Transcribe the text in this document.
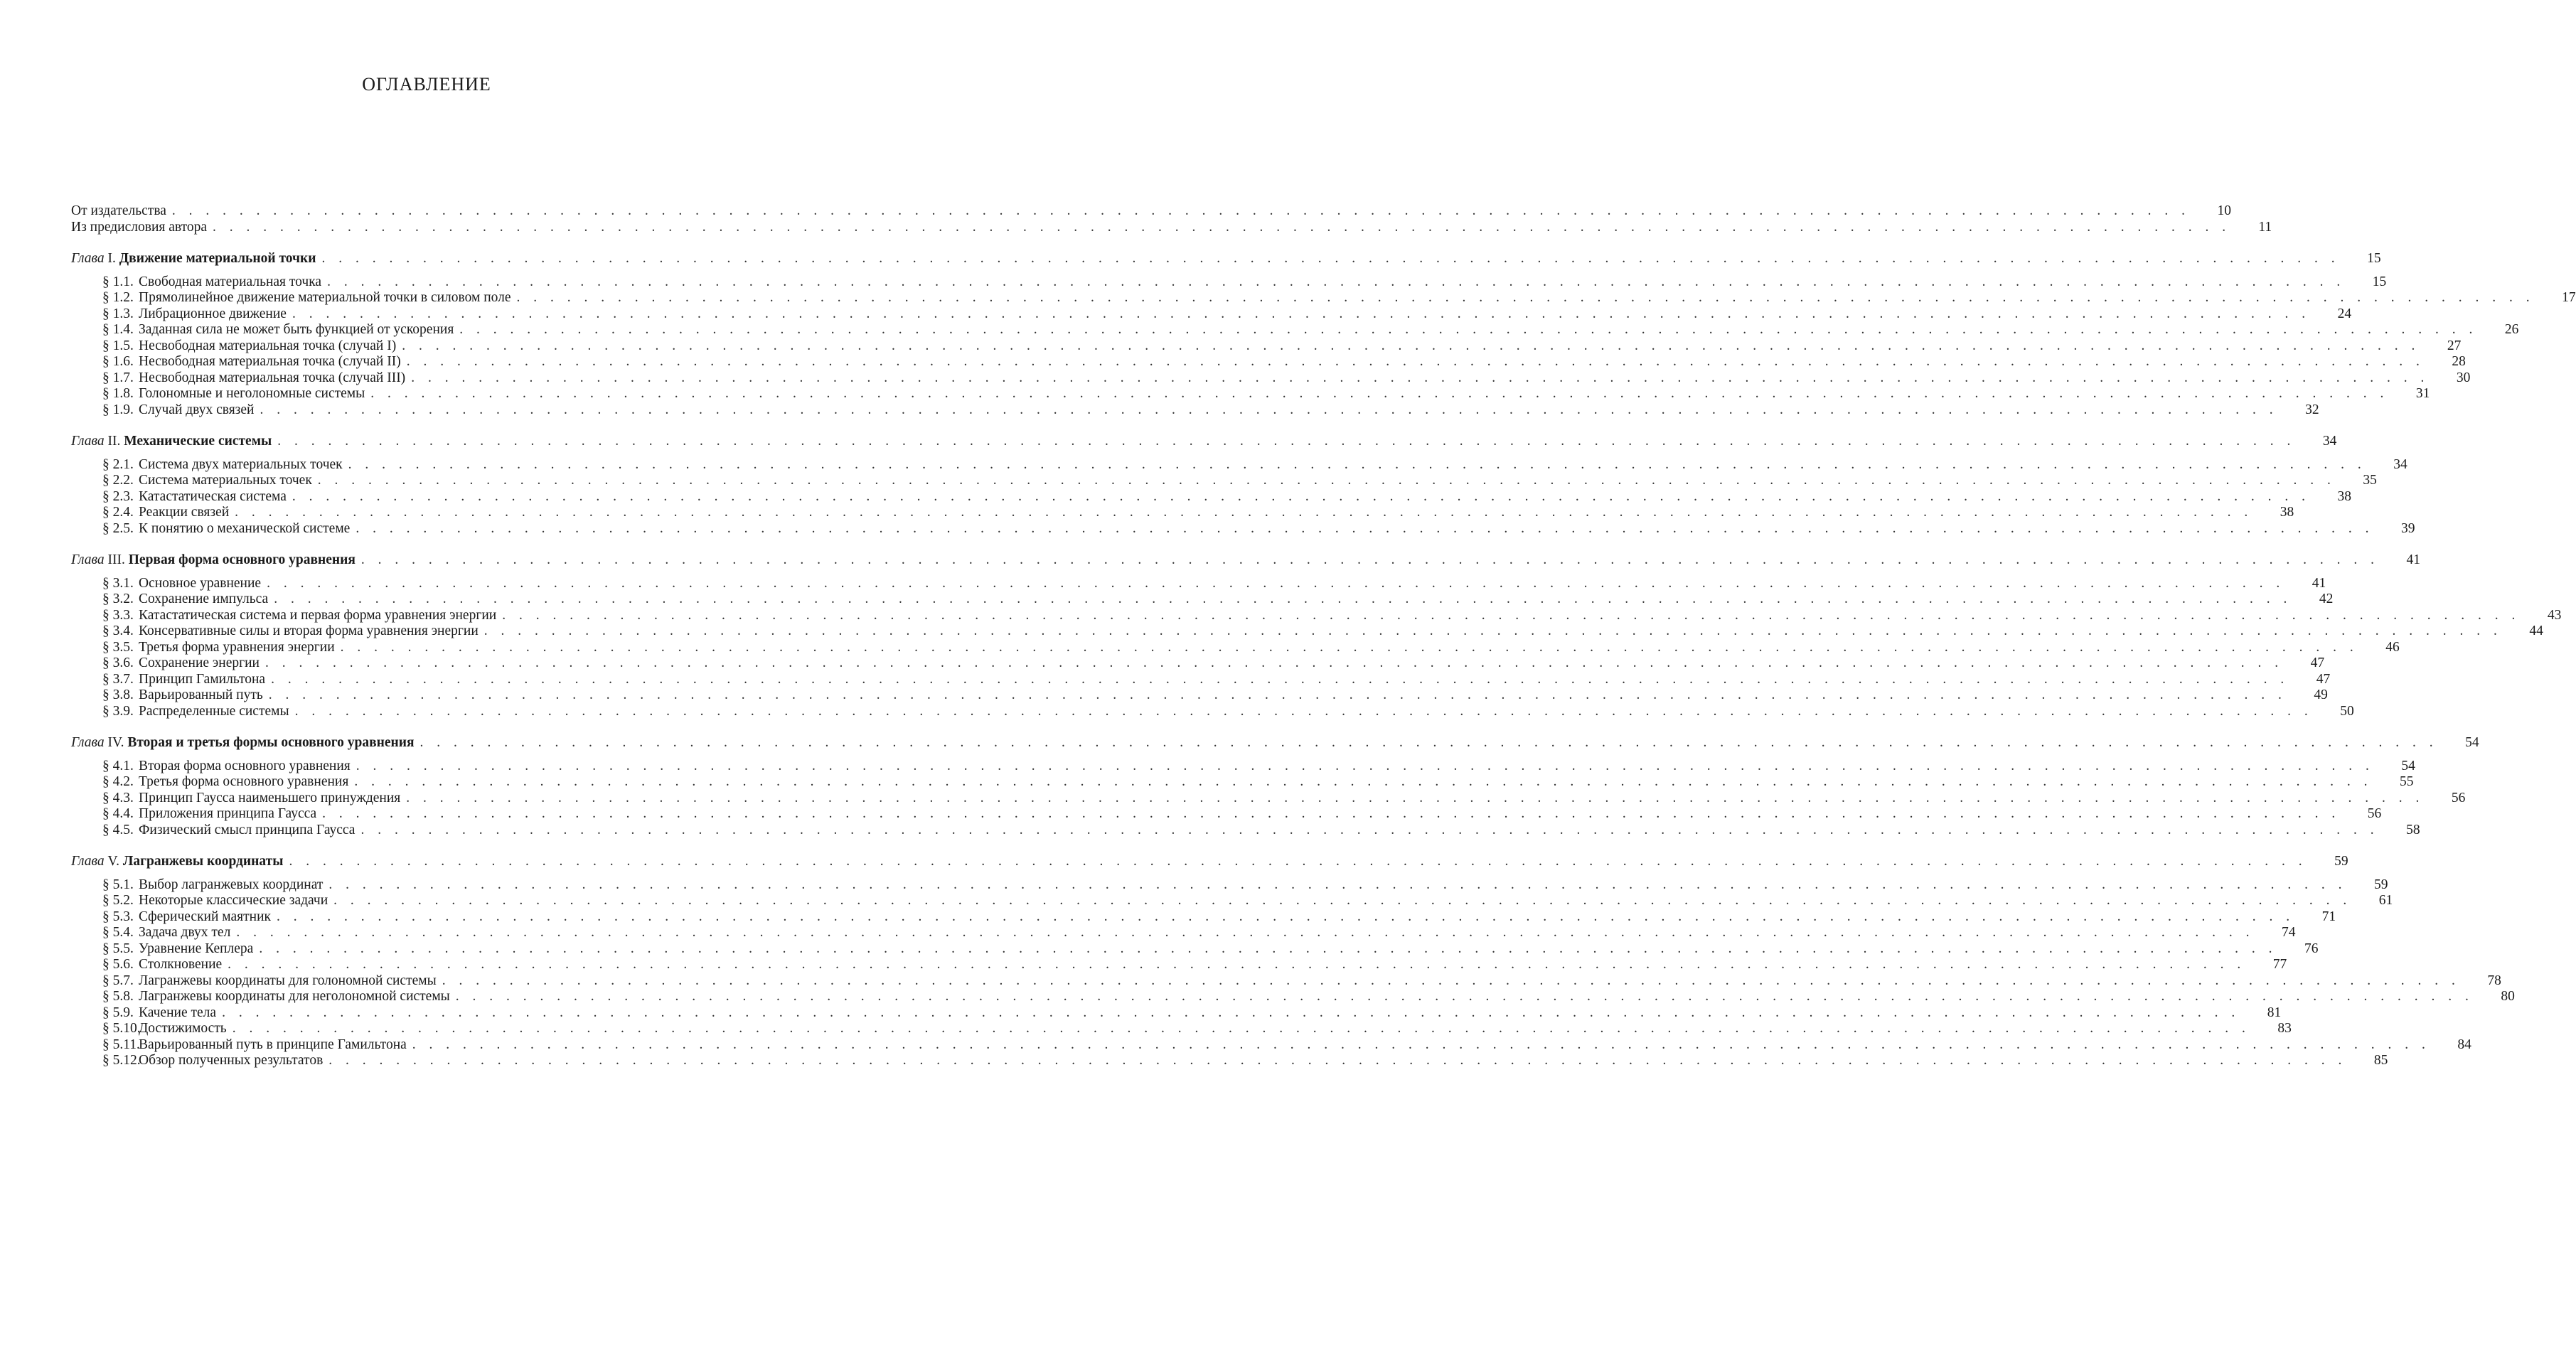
ОГЛАВЛЕНИЕ
От издательства . . . . . . . . . . . . . . . . . . . . . . . . . . . . . . . . . . . . . . . . . . . . . . . . . . . . . . . . . . . . . . . . . . . . . . . . . . . . . . . . . . . . . . . . . . . . . . . . . . . . . . . . . . . . . . . . . . . . . . . .	10
Из предисловия автора . . . . . . . . . . . . . . . . . . . . . . . . . . . . . . . . . . . . . . . . . . . . . . . . . . . . . . . . . . . . . . . . . . . . . . . . . . . . . . . . . . . . . . . . . . . . . . . . . . . . . . . . . . . . . . . . . . . . . . . .	11
Глава
I.
Движение материальной точки . . . . . . . . . . . . . . . . . . . . . . . . . . . . . . . . . . . . . . . . . . . . . . . . . . . . . . . . . . . . . . . . . . . . . . . . . . . . . . . . . . . . . . . . . . . . . . . . . . . . . . . . . . . . . . . . . . . . . . . .	15
§ 1.1. Свободная материальная точка . . . . . . . . . . . . . . . . . . . . . . . . . . . . . . . . . . . . . . . . . . . . . . . . . . . . . . . . . . . . . . . . . . . . . . . . . . . . . . . . . . . . . . . . . . . . . . . . . . . . . . . . . . . . . . . . . . . . . . . .	15
§ 1.2. Прямолинейное движение материальной точки в силовом поле . . . . . . . . . . . . . . . . . . . . . . . . . . . . . . . . . . . . . . . . . . . . . . . . . . . . . . . . . . . . . . . . . . . . . . . . . . . . . . . . . . . . . . . . . . . . . . . . . . . . . . . . . . . . . . . . . . . . . . . .	17
§ 1.3. Либрационное движение . . . . . . . . . . . . . . . . . . . . . . . . . . . . . . . . . . . . . . . . . . . . . . . . . . . . . . . . . . . . . . . . . . . . . . . . . . . . . . . . . . . . . . . . . . . . . . . . . . . . . . . . . . . . . . . . . . . . . . . .	24
§ 1.4. Заданная сила не может быть функцией от ускорения . . . . . . . . . . . . . . . . . . . . . . . . . . . . . . . . . . . . . . . . . . . . . . . . . . . . . . . . . . . . . . . . . . . . . . . . . . . . . . . . . . . . . . . . . . . . . . . . . . . . . . . . . . . . . . . . . . . . . . . .	26
§ 1.5. Несвободная материальная точка (случай I) . . . . . . . . . . . . . . . . . . . . . . . . . . . . . . . . . . . . . . . . . . . . . . . . . . . . . . . . . . . . . . . . . . . . . . . . . . . . . . . . . . . . . . . . . . . . . . . . . . . . . . . . . . . . . . . . . . . . . . . .	27
§ 1.6. Несвободная материальная точка (случай II) . . . . . . . . . . . . . . . . . . . . . . . . . . . . . . . . . . . . . . . . . . . . . . . . . . . . . . . . . . . . . . . . . . . . . . . . . . . . . . . . . . . . . . . . . . . . . . . . . . . . . . . . . . . . . . . . . . . . . . . .	28
§ 1.7. Несвободная материальная точка (случай III) . . . . . . . . . . . . . . . . . . . . . . . . . . . . . . . . . . . . . . . . . . . . . . . . . . . . . . . . . . . . . . . . . . . . . . . . . . . . . . . . . . . . . . . . . . . . . . . . . . . . . . . . . . . . . . . . . . . . . . . .	30
§ 1.8. Голономные и неголономные системы . . . . . . . . . . . . . . . . . . . . . . . . . . . . . . . . . . . . . . . . . . . . . . . . . . . . . . . . . . . . . . . . . . . . . . . . . . . . . . . . . . . . . . . . . . . . . . . . . . . . . . . . . . . . . . . . . . . . . . . .	31
§ 1.9. Случай двух связей . . . . . . . . . . . . . . . . . . . . . . . . . . . . . . . . . . . . . . . . . . . . . . . . . . . . . . . . . . . . . . . . . . . . . . . . . . . . . . . . . . . . . . . . . . . . . . . . . . . . . . . . . . . . . . . . . . . . . . . .	32
Глава
II.
Механические системы . . . . . . . . . . . . . . . . . . . . . . . . . . . . . . . . . . . . . . . . . . . . . . . . . . . . . . . . . . . . . . . . . . . . . . . . . . . . . . . . . . . . . . . . . . . . . . . . . . . . . . . . . . . . . . . . . . . . . . . .	34
§ 2.1. Система двух материальных точек . . . . . . . . . . . . . . . . . . . . . . . . . . . . . . . . . . . . . . . . . . . . . . . . . . . . . . . . . . . . . . . . . . . . . . . . . . . . . . . . . . . . . . . . . . . . . . . . . . . . . . . . . . . . . . . . . . . . . . . .	34
§ 2.2. Система материальных точек . . . . . . . . . . . . . . . . . . . . . . . . . . . . . . . . . . . . . . . . . . . . . . . . . . . . . . . . . . . . . . . . . . . . . . . . . . . . . . . . . . . . . . . . . . . . . . . . . . . . . . . . . . . . . . . . . . . . . . . .	35
§ 2.3. Катастатическая система . . . . . . . . . . . . . . . . . . . . . . . . . . . . . . . . . . . . . . . . . . . . . . . . . . . . . . . . . . . . . . . . . . . . . . . . . . . . . . . . . . . . . . . . . . . . . . . . . . . . . . . . . . . . . . . . . . . . . . . .	38
§ 2.4. Реакции связей . . . . . . . . . . . . . . . . . . . . . . . . . . . . . . . . . . . . . . . . . . . . . . . . . . . . . . . . . . . . . . . . . . . . . . . . . . . . . . . . . . . . . . . . . . . . . . . . . . . . . . . . . . . . . . . . . . . . . . . .	38
§ 2.5. К понятию о механической системе . . . . . . . . . . . . . . . . . . . . . . . . . . . . . . . . . . . . . . . . . . . . . . . . . . . . . . . . . . . . . . . . . . . . . . . . . . . . . . . . . . . . . . . . . . . . . . . . . . . . . . . . . . . . . . . . . . . . . . . .	39
Глава
III.
Первая форма основного уравнения . . . . . . . . . . . . . . . . . . . . . . . . . . . . . . . . . . . . . . . . . . . . . . . . . . . . . . . . . . . . . . . . . . . . . . . . . . . . . . . . . . . . . . . . . . . . . . . . . . . . . . . . . . . . . . . . . . . . . . . .	41
§ 3.1. Основное уравнение . . . . . . . . . . . . . . . . . . . . . . . . . . . . . . . . . . . . . . . . . . . . . . . . . . . . . . . . . . . . . . . . . . . . . . . . . . . . . . . . . . . . . . . . . . . . . . . . . . . . . . . . . . . . . . . . . . . . . . . .	41
§ 3.2. Сохранение импульса . . . . . . . . . . . . . . . . . . . . . . . . . . . . . . . . . . . . . . . . . . . . . . . . . . . . . . . . . . . . . . . . . . . . . . . . . . . . . . . . . . . . . . . . . . . . . . . . . . . . . . . . . . . . . . . . . . . . . . . .	42
§ 3.3. Катастатическая система и первая форма уравнения энергии . . . . . . . . . . . . . . . . . . . . . . . . . . . . . . . . . . . . . . . . . . . . . . . . . . . . . . . . . . . . . . . . . . . . . . . . . . . . . . . . . . . . . . . . . . . . . . . . . . . . . . . . . . . . . . . . . . . . . . . .	43
§ 3.4. Консервативные силы и вторая форма уравнения энергии . . . . . . . . . . . . . . . . . . . . . . . . . . . . . . . . . . . . . . . . . . . . . . . . . . . . . . . . . . . . . . . . . . . . . . . . . . . . . . . . . . . . . . . . . . . . . . . . . . . . . . . . . . . . . . . . . . . . . . . .	44
§ 3.5. Третья форма уравнения энергии . . . . . . . . . . . . . . . . . . . . . . . . . . . . . . . . . . . . . . . . . . . . . . . . . . . . . . . . . . . . . . . . . . . . . . . . . . . . . . . . . . . . . . . . . . . . . . . . . . . . . . . . . . . . . . . . . . . . . . . .	46
§ 3.6. Сохранение энергии . . . . . . . . . . . . . . . . . . . . . . . . . . . . . . . . . . . . . . . . . . . . . . . . . . . . . . . . . . . . . . . . . . . . . . . . . . . . . . . . . . . . . . . . . . . . . . . . . . . . . . . . . . . . . . . . . . . . . . . .	47
§ 3.7. Принцип Гамильтона . . . . . . . . . . . . . . . . . . . . . . . . . . . . . . . . . . . . . . . . . . . . . . . . . . . . . . . . . . . . . . . . . . . . . . . . . . . . . . . . . . . . . . . . . . . . . . . . . . . . . . . . . . . . . . . . . . . . . . . .	47
§ 3.8. Варьированный путь . . . . . . . . . . . . . . . . . . . . . . . . . . . . . . . . . . . . . . . . . . . . . . . . . . . . . . . . . . . . . . . . . . . . . . . . . . . . . . . . . . . . . . . . . . . . . . . . . . . . . . . . . . . . . . . . . . . . . . . .	49
§ 3.9. Распределенные системы . . . . . . . . . . . . . . . . . . . . . . . . . . . . . . . . . . . . . . . . . . . . . . . . . . . . . . . . . . . . . . . . . . . . . . . . . . . . . . . . . . . . . . . . . . . . . . . . . . . . . . . . . . . . . . . . . . . . . . . .	50
Глава
IV.
Вторая и третья формы основного уравнения . . . . . . . . . . . . . . . . . . . . . . . . . . . . . . . . . . . . . . . . . . . . . . . . . . . . . . . . . . . . . . . . . . . . . . . . . . . . . . . . . . . . . . . . . . . . . . . . . . . . . . . . . . . . . . . . . . . . . . . .	54
§ 4.1. Вторая форма основного уравнения . . . . . . . . . . . . . . . . . . . . . . . . . . . . . . . . . . . . . . . . . . . . . . . . . . . . . . . . . . . . . . . . . . . . . . . . . . . . . . . . . . . . . . . . . . . . . . . . . . . . . . . . . . . . . . . . . . . . . . . .	54
§ 4.2. Третья форма основного уравнения . . . . . . . . . . . . . . . . . . . . . . . . . . . . . . . . . . . . . . . . . . . . . . . . . . . . . . . . . . . . . . . . . . . . . . . . . . . . . . . . . . . . . . . . . . . . . . . . . . . . . . . . . . . . . . . . . . . . . . . .	55
§ 4.3. Принцип Гаусса наименьшего принуждения . . . . . . . . . . . . . . . . . . . . . . . . . . . . . . . . . . . . . . . . . . . . . . . . . . . . . . . . . . . . . . . . . . . . . . . . . . . . . . . . . . . . . . . . . . . . . . . . . . . . . . . . . . . . . . . . . . . . . . . .	56
§ 4.4. Приложения принципа Гаусса . . . . . . . . . . . . . . . . . . . . . . . . . . . . . . . . . . . . . . . . . . . . . . . . . . . . . . . . . . . . . . . . . . . . . . . . . . . . . . . . . . . . . . . . . . . . . . . . . . . . . . . . . . . . . . . . . . . . . . . .	56
§ 4.5. Физический смысл принципа Гаусса . . . . . . . . . . . . . . . . . . . . . . . . . . . . . . . . . . . . . . . . . . . . . . . . . . . . . . . . . . . . . . . . . . . . . . . . . . . . . . . . . . . . . . . . . . . . . . . . . . . . . . . . . . . . . . . . . . . . . . . .	58
Глава
V.
Лагранжевы координаты . . . . . . . . . . . . . . . . . . . . . . . . . . . . . . . . . . . . . . . . . . . . . . . . . . . . . . . . . . . . . . . . . . . . . . . . . . . . . . . . . . . . . . . . . . . . . . . . . . . . . . . . . . . . . . . . . . . . . . . .	59
§ 5.1. Выбор лагранжевых координат . . . . . . . . . . . . . . . . . . . . . . . . . . . . . . . . . . . . . . . . . . . . . . . . . . . . . . . . . . . . . . . . . . . . . . . . . . . . . . . . . . . . . . . . . . . . . . . . . . . . . . . . . . . . . . . . . . . . . . . .	59
§ 5.2. Некоторые классические задачи . . . . . . . . . . . . . . . . . . . . . . . . . . . . . . . . . . . . . . . . . . . . . . . . . . . . . . . . . . . . . . . . . . . . . . . . . . . . . . . . . . . . . . . . . . . . . . . . . . . . . . . . . . . . . . . . . . . . . . . .	61
§ 5.3. Сферический маятник . . . . . . . . . . . . . . . . . . . . . . . . . . . . . . . . . . . . . . . . . . . . . . . . . . . . . . . . . . . . . . . . . . . . . . . . . . . . . . . . . . . . . . . . . . . . . . . . . . . . . . . . . . . . . . . . . . . . . . . .	71
§ 5.4. Задача двух тел . . . . . . . . . . . . . . . . . . . . . . . . . . . . . . . . . . . . . . . . . . . . . . . . . . . . . . . . . . . . . . . . . . . . . . . . . . . . . . . . . . . . . . . . . . . . . . . . . . . . . . . . . . . . . . . . . . . . . . . .	74
§ 5.5. Уравнение Кеплера . . . . . . . . . . . . . . . . . . . . . . . . . . . . . . . . . . . . . . . . . . . . . . . . . . . . . . . . . . . . . . . . . . . . . . . . . . . . . . . . . . . . . . . . . . . . . . . . . . . . . . . . . . . . . . . . . . . . . . . .	76
§ 5.6. Столкновение . . . . . . . . . . . . . . . . . . . . . . . . . . . . . . . . . . . . . . . . . . . . . . . . . . . . . . . . . . . . . . . . . . . . . . . . . . . . . . . . . . . . . . . . . . . . . . . . . . . . . . . . . . . . . . . . . . . . . . . .	77
§ 5.7. Лагранжевы координаты для голономной системы . . . . . . . . . . . . . . . . . . . . . . . . . . . . . . . . . . . . . . . . . . . . . . . . . . . . . . . . . . . . . . . . . . . . . . . . . . . . . . . . . . . . . . . . . . . . . . . . . . . . . . . . . . . . . . . . . . . . . . . .	78
§ 5.8. Лагранжевы координаты для неголономной системы . . . . . . . . . . . . . . . . . . . . . . . . . . . . . . . . . . . . . . . . . . . . . . . . . . . . . . . . . . . . . . . . . . . . . . . . . . . . . . . . . . . . . . . . . . . . . . . . . . . . . . . . . . . . . . . . . . . . . . . .	80
§ 5.9. Качение тела . . . . . . . . . . . . . . . . . . . . . . . . . . . . . . . . . . . . . . . . . . . . . . . . . . . . . . . . . . . . . . . . . . . . . . . . . . . . . . . . . . . . . . . . . . . . . . . . . . . . . . . . . . . . . . . . . . . . . . . .	81
§ 5.10.
Достижимость . . . . . . . . . . . . . . . . . . . . . . . . . . . . . . . . . . . . . . . . . . . . . . . . . . . . . . . . . . . . . . . . . . . . . . . . . . . . . . . . . . . . . . . . . . . . . . . . . . . . . . . . . . . . . . . . . . . . . . . .	83
§ 5.11.
Варьированный путь в принципе Гамильтона . . . . . . . . . . . . . . . . . . . . . . . . . . . . . . . . . . . . . . . . . . . . . . . . . . . . . . . . . . . . . . . . . . . . . . . . . . . . . . . . . . . . . . . . . . . . . . . . . . . . . . . . . . . . . . . . . . . . . . . .	84
§ 5.12.
Обзор полученных результатов . . . . . . . . . . . . . . . . . . . . . . . . . . . . . . . . . . . . . . . . . . . . . . . . . . . . . . . . . . . . . . . . . . . . . . . . . . . . . . . . . . . . . . . . . . . . . . . . . . . . . . . . . . . . . . . . . . . . . . . .	85
